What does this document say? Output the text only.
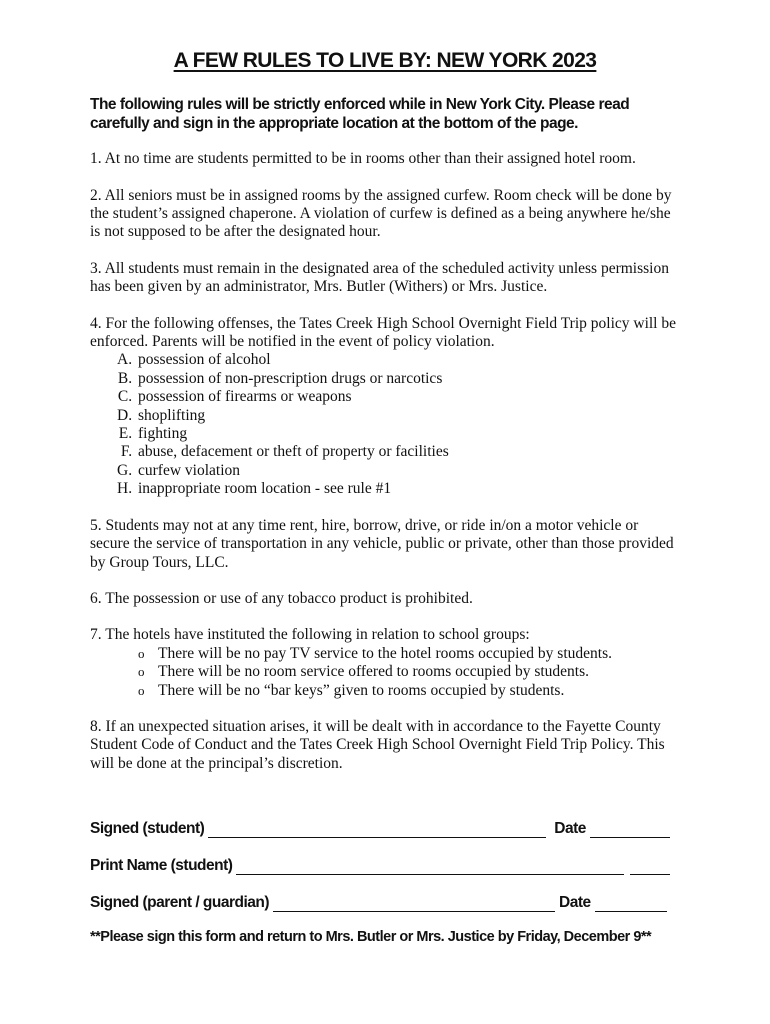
A FEW RULES TO LIVE BY: NEW YORK 2023

The following rules will be strictly enforced while in New York City. Please read carefully and sign in the appropriate location at the bottom of the page.

1. At no time are students permitted to be in rooms other than their assigned hotel room.

2. All seniors must be in assigned rooms by the assigned curfew. Room check will be done by the student’s assigned chaperone. A violation of curfew is defined as a being anywhere he/she is not supposed to be after the designated hour.

3. All students must remain in the designated area of the scheduled activity unless permission has been given by an administrator, Mrs. Butler (Withers) or Mrs. Justice.

4. For the following offenses, the Tates Creek High School Overnight Field Trip policy will be enforced. Parents will be notified in the event of policy violation.

A. possession of alcohol
B. possession of non-prescription drugs or narcotics
C. possession of firearms or weapons
D. shoplifting
E. fighting
F. abuse, defacement or theft of property or facilities
G. curfew violation
H. inappropriate room location - see rule #1

5. Students may not at any time rent, hire, borrow, drive, or ride in/on a motor vehicle or secure the service of transportation in any vehicle, public or private, other than those provided by Group Tours, LLC.

6. The possession or use of any tobacco product is prohibited.

7. The hotels have instituted the following in relation to school groups:

o There will be no pay TV service to the hotel rooms occupied by students.
o There will be no room service offered to rooms occupied by students.
o There will be no “bar keys” given to rooms occupied by students.

8. If an unexpected situation arises, it will be dealt with in accordance to the Fayette County Student Code of Conduct and the Tates Creek High School Overnight Field Trip Policy. This will be done at the principal’s discretion.

Signed (student)	Date
Print Name (student)
Signed (parent / guardian)	Date
**Please sign this form and return to Mrs. Butler or Mrs. Justice by Friday, December 9**
